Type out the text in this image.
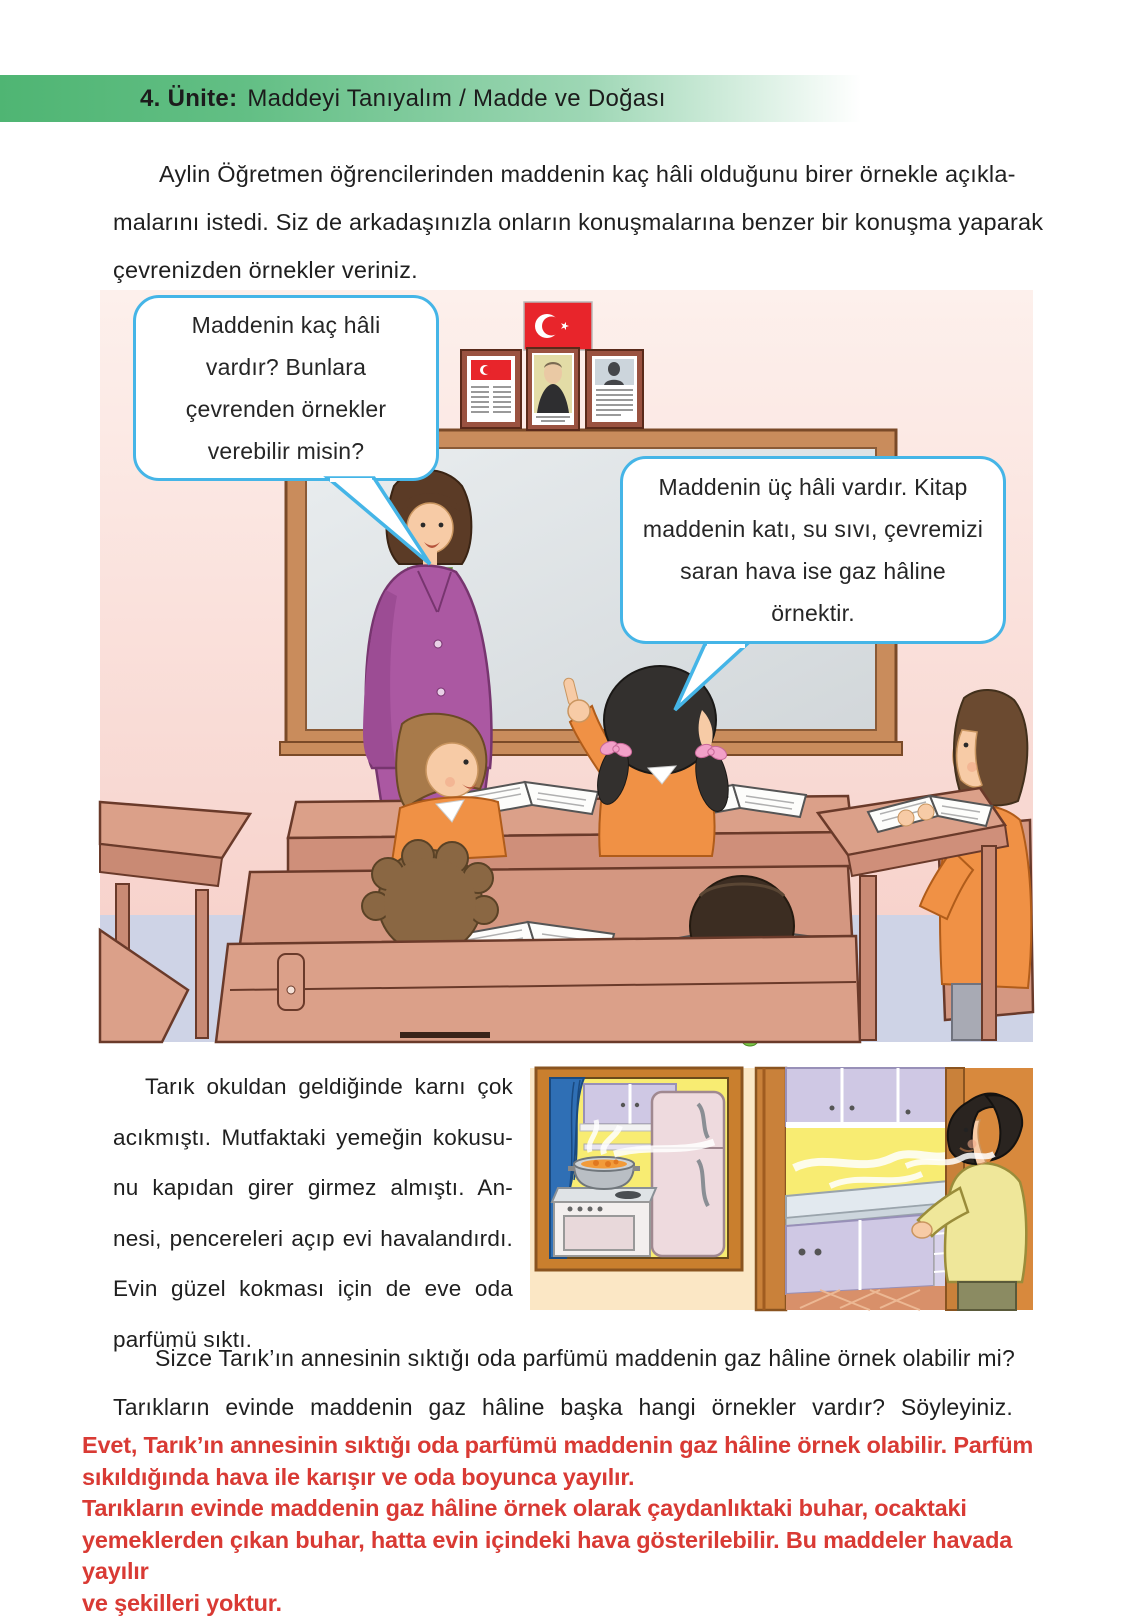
4. Ünite: Maddeyi Tanıyalım / Madde ve Doğası
Aylin Öğretmen öğrencilerinden maddenin kaç hâli olduğunu birer örnekle açıkla-
malarını istedi. Siz de arkadaşınızla onların konuşmalarına benzer bir konuşma yaparak
çevrenizden örnekler veriniz.
Maddenin kaç hâli
vardır? Bunlara
çevrenden örnekler
verebilir misin?
Maddenin üç hâli vardır. Kitap
maddenin katı, su sıvı, çevremizi
saran hava ise gaz hâline
örnektir.
Tarık okuldan geldiğinde karnı çok
acıkmıştı. Mutfaktaki yemeğin kokusu-
nu kapıdan girer girmez almıştı. An-
nesi, pencereleri açıp evi havalandırdı.
Evin güzel kokması için de eve oda
parfümü sıktı.
Sizce Tarık’ın annesinin sıktığı oda parfümü maddenin gaz hâline örnek olabilir mi?
Tarıkların evinde maddenin gaz hâline başka hangi örnekler vardır? Söyleyiniz.
Evet, Tarık’ın annesinin sıktığı oda parfümü maddenin gaz hâline örnek olabilir. Parfüm
sıkıldığında hava ile karışır ve oda boyunca yayılır.
Tarıkların evinde maddenin gaz hâline örnek olarak çaydanlıktaki buhar, ocaktaki
yemeklerden çıkan buhar, hatta evin içindeki hava gösterilebilir. Bu maddeler havada yayılır
ve şekilleri yoktur.
